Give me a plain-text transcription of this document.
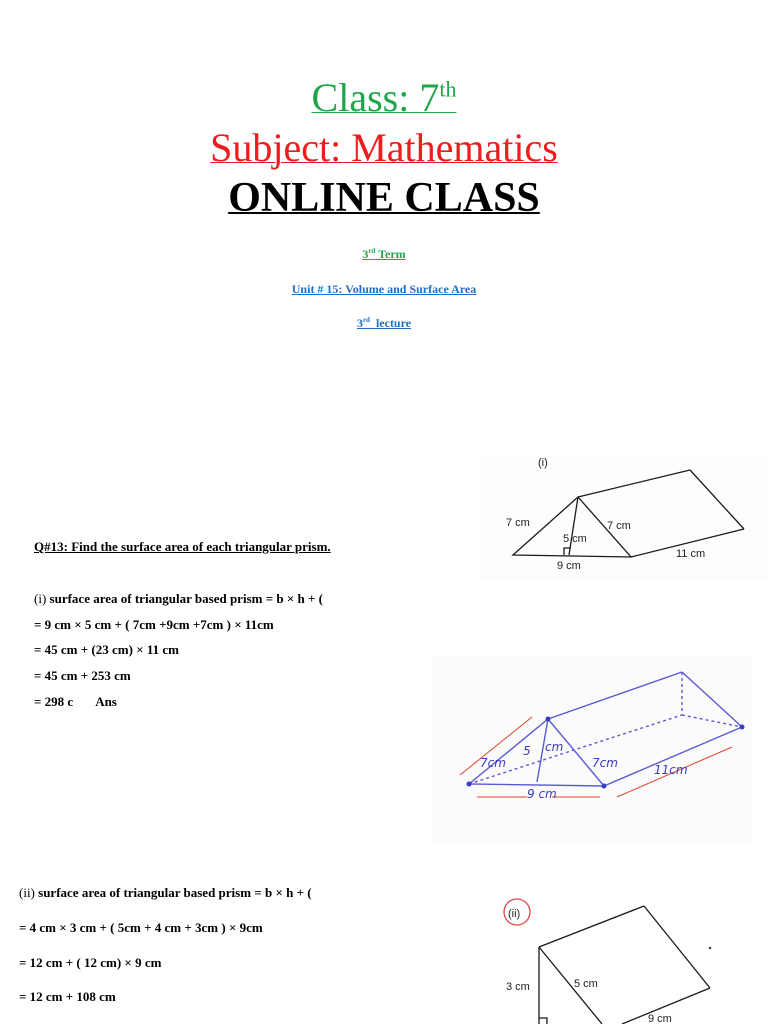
Class: 7th
Subject: Mathematics
ONLINE CLASS
3rd Term
Unit # 15: Volume and Surface Area
3rd  lecture
Q#13: Find the surface area of each triangular prism.
(i) surface area of triangular based prism = b × h + (
= 9 cm × 5 cm + ( 7cm +9cm +7cm ) × 11cm
= 45 cm + (23 cm) × 11 cm
= 45 cm + 253 cm
= 298 c Ans
(ii) surface area of triangular based prism = b × h + (
= 4 cm × 3 cm + ( 5cm + 4 cm + 3cm ) × 9cm
= 12 cm + ( 12 cm) × 9 cm
= 12 cm + 108 cm
(i)
7 cm	7 cm
5 cm
9 cm
11 cm
5 cm
7cm	7cm
9 cm
11cm
(ii)
3 cm	5 cm
9 cm
